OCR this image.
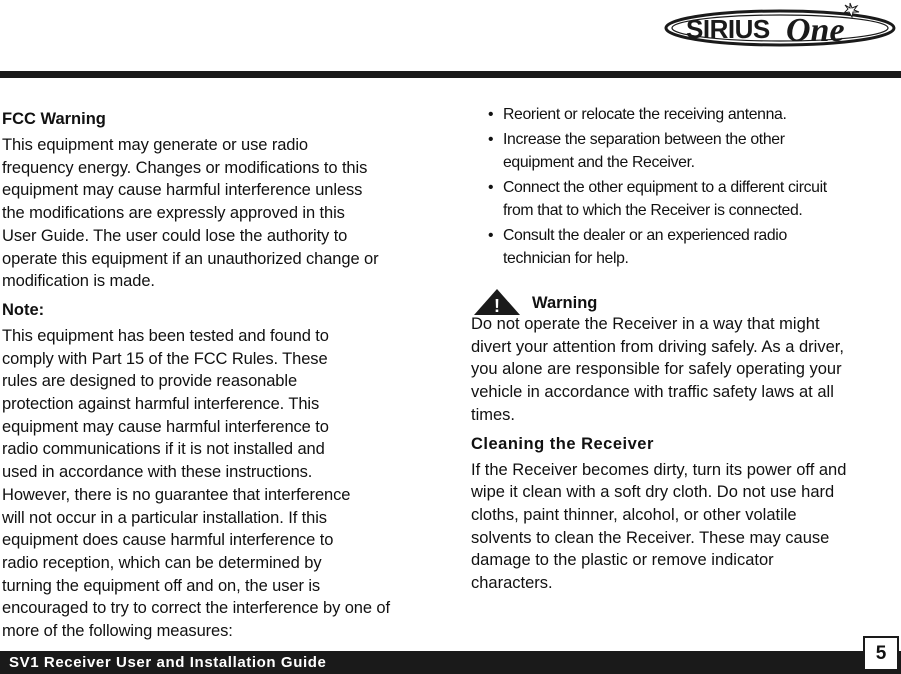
SIRIUS One
FCC Warning
This equipment may generate or use radio
frequency energy. Changes or modifications to this
equipment may cause harmful interference unless
the modifications are expressly approved in this
User Guide. The user could lose the authority to
operate this equipment if an unauthorized change or
modification is made.
Note:
This equipment has been tested and found to
comply with Part 15 of the FCC Rules. These
rules are designed to provide reasonable
protection against harmful interference. This
equipment may cause harmful interference to
radio communications if it is not installed and
used in accordance with these instructions.
However, there is no guarantee that interference
will not occur in a particular installation. If this
equipment does cause harmful interference to
radio reception, which can be determined by
turning the equipment off and on, the user is
encouraged to try to correct the interference by one of
more of the following measures:
• Reorient or relocate the receiving antenna.
• Increase the separation between the other
equipment and the Receiver.
• Connect the other equipment to a different circuit
from that to which the Receiver is connected.
• Consult the dealer or an experienced radio
technician for help.
! Warning
Do not operate the Receiver in a way that might
divert your attention from driving safely. As a driver,
you alone are responsible for safely operating your
vehicle in accordance with traffic safety laws at all
times.
Cleaning the Receiver
If the Receiver becomes dirty, turn its power off and
wipe it clean with a soft dry cloth. Do not use hard
cloths, paint thinner, alcohol, or other volatile
solvents to clean the Receiver. These may cause
damage to the plastic or remove indicator
characters.
SV1 Receiver User and Installation Guide	5
